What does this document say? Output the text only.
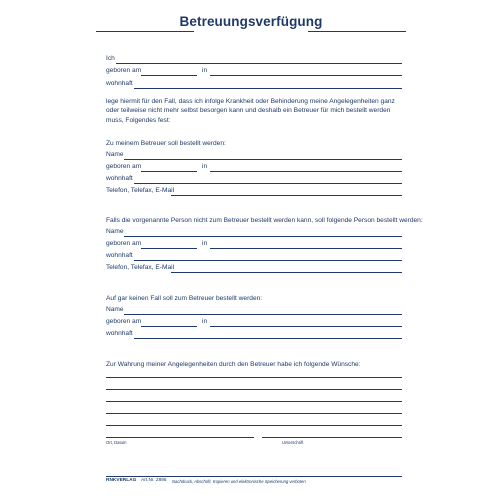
Betreuungsverfügung
Ich
geboren am	in
wohnhaft
lege hiermit für den Fall, dass ich infolge Krankheit oder Behinderung meine Angelegenheiten ganz oder teilweise nicht mehr selbst besorgen kann und deshalb ein Betreuer für mich bestellt werden muss, Folgendes fest:
Zu meinem Betreuer soll bestellt werden:
Name
geboren am	in
wohnhaft
Telefon, Telefax, E-Mail
Falls die vorgenannte Person nicht zum Betreuer bestellt werden kann, soll folgende Person bestellt werden:
Name
geboren am	in
wohnhaft
Telefon, Telefax, E-Mail
Auf gar keinen Fall soll zum Betreuer bestellt werden:
Name
geboren am	in
wohnhaft
Zur Wahrung meiner Angelegenheiten durch den Betreuer habe ich folgende Wünsche:
Ort, Datum	Unterschrift
RNKVERLAG Art.Nr. 2895 Nachdruck, Abschrift, Kopieren und elektronische Speicherung verboten
